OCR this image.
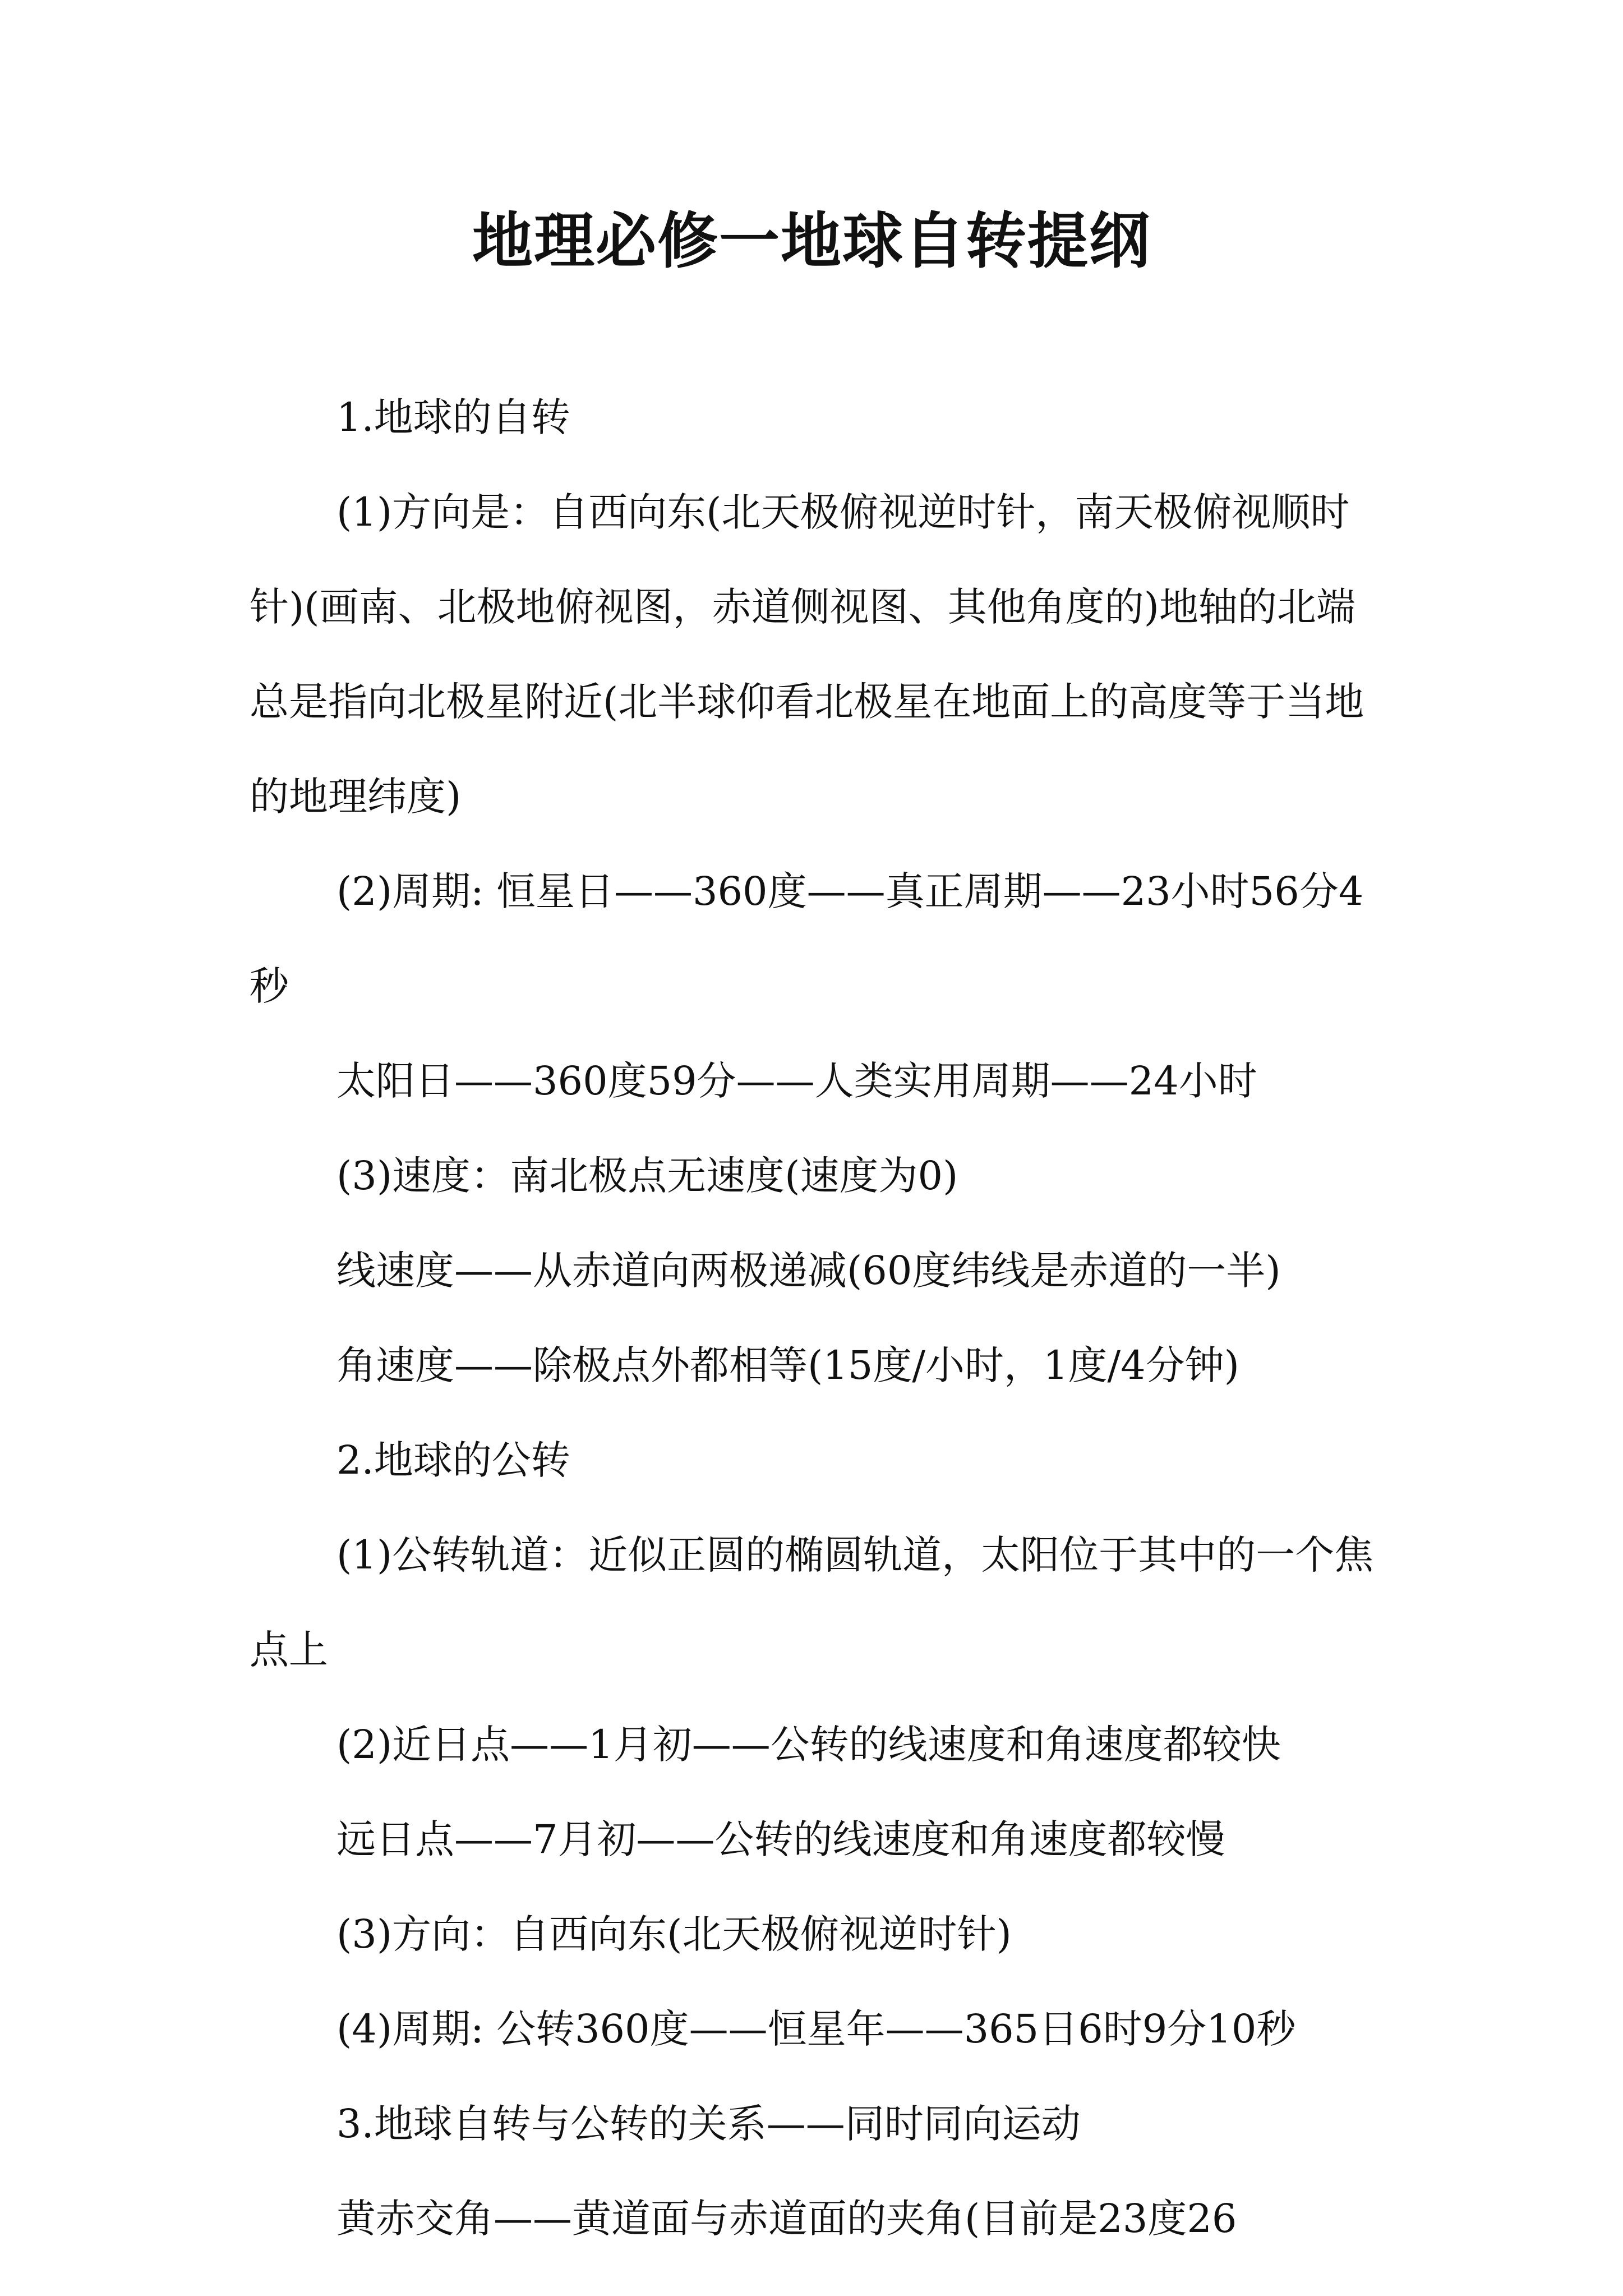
地理必修一地球自转提纲

1.地球的自转

(1)方向是：自西向东(北天极俯视逆时针，南天极俯视顺时针)(画南、北极地俯视图，赤道侧视图、其他角度的)地轴的北端总是指向北极星附近(北半球仰看北极星在地面上的高度等于当地的地理纬度)

(2)周期: 恒星日——360度——真正周期——23小时56分4秒

太阳日——360度59分——人类实用周期——24小时

(3)速度：南北极点无速度(速度为0)

线速度——从赤道向两极递减(60度纬线是赤道的一半)

角速度——除极点外都相等(15度/小时，1度/4分钟)

2.地球的公转

(1)公转轨道：近似正圆的椭圆轨道，太阳位于其中的一个焦点上

(2)近日点——1月初——公转的线速度和角速度都较快

远日点——7月初——公转的线速度和角速度都较慢

(3)方向：自西向东(北天极俯视逆时针)

(4)周期: 公转360度——恒星年——365日6时9分10秒

3.地球自转与公转的关系——同时同向运动

黄赤交角——黄道面与赤道面的夹角(目前是23度26
